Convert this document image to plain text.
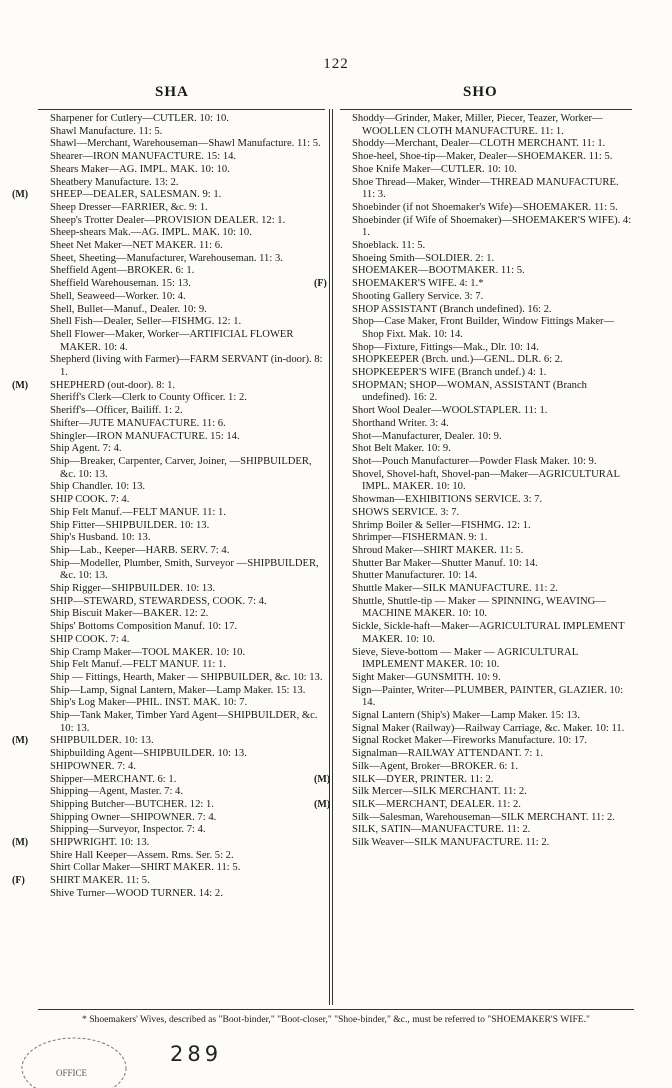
122
SHA	SHO

Sharpener for Cutlery—CUTLER. 10: 10.

Shawl Manufacture. 11: 5.

Shawl—Merchant, Warehouseman—Shawl Manufacture. 11: 5.

Shearer—IRON MANUFACTURE. 15: 14.

Shears Maker—AG. IMPL. MAK. 10: 10.

Sheatbery Manufacture. 13: 2.

(M) SHEEP—DEALER, SALESMAN. 9: 1.

Sheep Dresser—FARRIER, &c. 9: 1.

Sheep's Trotter Dealer—PROVISION DEALER. 12: 1.

Sheep-shears Mak.—AG. IMPL. MAK. 10: 10.

Sheet Net Maker—NET MAKER. 11: 6.

Sheet, Sheeting—Manufacturer, Warehouseman. 11: 3.

Sheffield Agent—BROKER. 6: 1.

Sheffield Warehouseman. 15: 13.

Shell, Seaweed—Worker. 10: 4.

Shell, Bullet—Manuf., Dealer. 10: 9.

Shell Fish—Dealer, Seller—FISHMG. 12: 1.

Shell Flower—Maker, Worker—ARTIFICIAL FLOWER MAKER. 10: 4.

Shepherd (living with Farmer)—FARM SERVANT (in-door). 8: 1.

(M) SHEPHERD (out-door). 8: 1.

Sheriff's Clerk—Clerk to County Officer. 1: 2.

Sheriff's—Officer, Bailiff. 1: 2.

Shifter—JUTE MANUFACTURE. 11: 6.

Shingler—IRON MANUFACTURE. 15: 14.

Ship Agent. 7: 4.

Ship—Breaker, Carpenter, Carver, Joiner, —SHIPBUILDER, &c. 10: 13.

Ship Chandler. 10: 13.

SHIP COOK. 7: 4.

Ship Felt Manuf.—FELT MANUF. 11: 1.

Ship Fitter—SHIPBUILDER. 10: 13.

Ship's Husband. 10: 13.

Ship—Lab., Keeper—HARB. SERV. 7: 4.

Ship—Modeller, Plumber, Smith, Surveyor —SHIPBUILDER, &c. 10: 13.

Ship Rigger—SHIPBUILDER. 10: 13.

SHIP—STEWARD, STEWARDESS, COOK. 7: 4.

Ship Biscuit Maker—BAKER. 12: 2.

Ships' Bottoms Composition Manuf. 10: 17.

SHIP COOK. 7: 4.

Ship Cramp Maker—TOOL MAKER. 10: 10.

Ship Felt Manuf.—FELT MANUF. 11: 1.

Ship — Fittings, Hearth, Maker — SHIPBUILDER, &c. 10: 13.

Ship—Lamp, Signal Lantern, Maker—Lamp Maker. 15: 13.

Ship's Log Maker—PHIL. INST. MAK. 10: 7.

Ship—Tank Maker, Timber Yard Agent—SHIPBUILDER, &c. 10: 13.

(M) SHIPBUILDER. 10: 13.

Shipbuilding Agent—SHIPBUILDER. 10: 13.

SHIPOWNER. 7: 4.

Shipper—MERCHANT. 6: 1.

Shipping—Agent, Master. 7: 4.

Shipping Butcher—BUTCHER. 12: 1.

Shipping Owner—SHIPOWNER. 7: 4.

Shipping—Surveyor, Inspector. 7: 4.

(M) SHIPWRIGHT. 10: 13.

Shire Hall Keeper—Assem. Rms. Ser. 5: 2.

Shirt Collar Maker—SHIRT MAKER. 11: 5.

(F) SHIRT MAKER. 11: 5.

Shive Turner—WOOD TURNER. 14: 2.

Shoddy—Grinder, Maker, Miller, Piecer, Teazer, Worker—WOOLLEN CLOTH MANUFACTURE. 11: 1.

Shoddy—Merchant, Dealer—CLOTH MERCHANT. 11: 1.

Shoe-heel, Shoe-tip—Maker, Dealer—SHOEMAKER. 11: 5.

Shoe Knife Maker—CUTLER. 10: 10.

Shoe Thread—Maker, Winder—THREAD MANUFACTURE. 11: 3.

Shoebinder (if not Shoemaker's Wife)—SHOEMAKER. 11: 5.

Shoebinder (if Wife of Shoemaker)—SHOEMAKER'S WIFE). 4: 1.

Shoeblack. 11: 5.

Shoeing Smith—SOLDIER. 2: 1.

SHOEMAKER—BOOTMAKER. 11: 5.

(F) SHOEMAKER'S WIFE. 4: 1.*

Shooting Gallery Service. 3: 7.

SHOP ASSISTANT (Branch undefined). 16: 2.

Shop—Case Maker, Front Builder, Window Fittings Maker—Shop Fixt. Mak. 10: 14.

Shop—Fixture, Fittings—Mak., Dlr. 10: 14.

SHOPKEEPER (Brch. und.)—GENL. DLR. 6: 2.

SHOPKEEPER'S WIFE (Branch undef.) 4: 1.

SHOPMAN; SHOP—WOMAN, ASSISTANT (Branch undefined). 16: 2.

Short Wool Dealer—WOOLSTAPLER. 11: 1.

Shorthand Writer. 3: 4.

Shot—Manufacturer, Dealer. 10: 9.

Shot Belt Maker. 10: 9.

Shot—Pouch Manufacturer—Powder Flask Maker. 10: 9.

Shovel, Shovel-haft, Shovel-pan—Maker—AGRICULTURAL IMPL. MAKER. 10: 10.

Showman—EXHIBITIONS SERVICE. 3: 7.

SHOWS SERVICE. 3: 7.

Shrimp Boiler & Seller—FISHMG. 12: 1.

Shrimper—FISHERMAN. 9: 1.

Shroud Maker—SHIRT MAKER. 11: 5.

Shutter Bar Maker—Shutter Manuf. 10: 14.

Shutter Manufacturer. 10: 14.

Shuttle Maker—SILK MANUFACTURE. 11: 2.

Shuttle, Shuttle-tip — Maker — SPINNING, WEAVING—MACHINE MAKER. 10: 10.

Sickle, Sickle-haft—Maker—AGRICULTURAL IMPLEMENT MAKER. 10: 10.

Sieve, Sieve-bottom — Maker — AGRICULTURAL IMPLEMENT MAKER. 10: 10.

Sight Maker—GUNSMITH. 10: 9.

Sign—Painter, Writer—PLUMBER, PAINTER, GLAZIER. 10: 14.

Signal Lantern (Ship's) Maker—Lamp Maker. 15: 13.

Signal Maker (Railway)—Railway Carriage, &c. Maker. 10: 11.

Signal Rocket Maker—Fireworks Manufacture. 10: 17.

Signalman—RAILWAY ATTENDANT. 7: 1.

Silk—Agent, Broker—BROKER. 6: 1.

(M) SILK—DYER, PRINTER. 11: 2.

Silk Mercer—SILK MERCHANT. 11: 2.

(M) SILK—MERCHANT, DEALER. 11: 2.

Silk—Salesman, Warehouseman—SILK MERCHANT. 11: 2.

SILK, SATIN—MANUFACTURE. 11: 2.

Silk Weaver—SILK MANUFACTURE. 11: 2.

* Shoemakers' Wives, described as "Boot-binder," "Boot-closer," "Shoe-binder," &c., must be referred to "SHOEMAKER'S WIFE."
OFFICE
289
